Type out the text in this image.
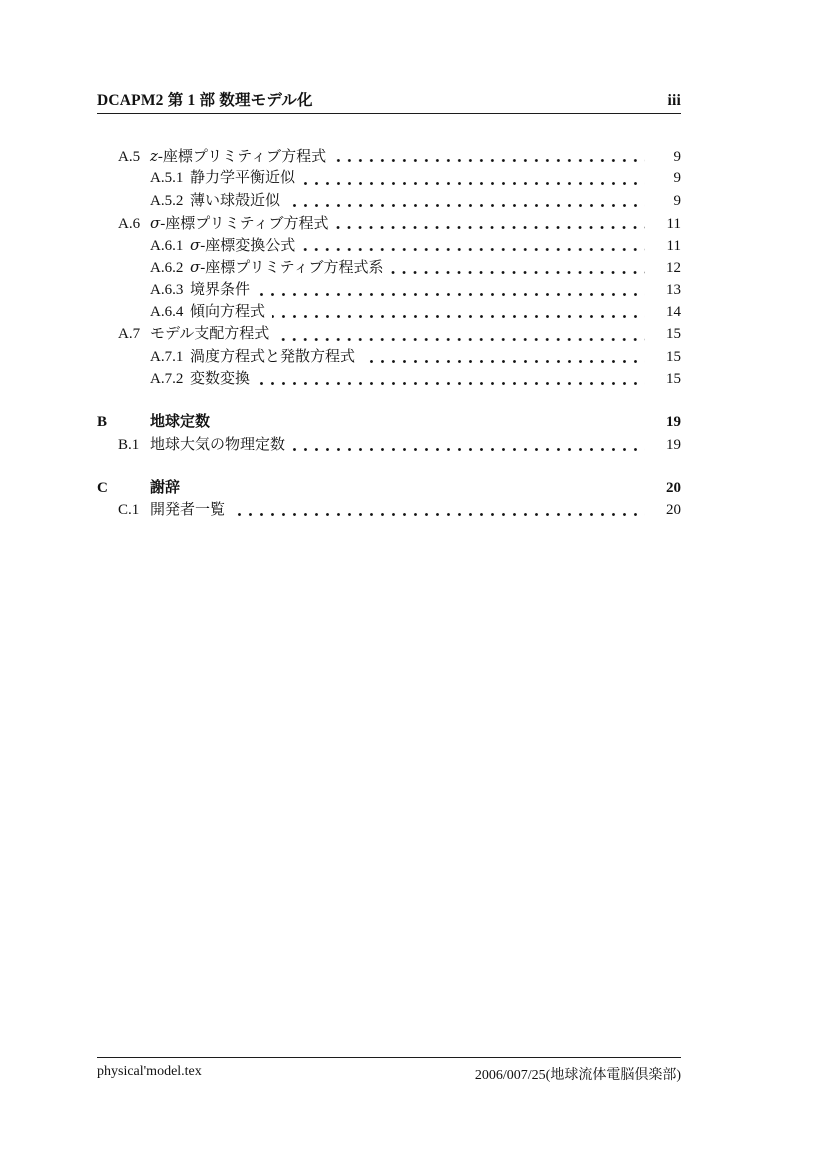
DCAPM2 第 1 部 数理モデル化	iii
A.5 z-座標プリミティブ方程式	9
A.5.1 静力学平衡近似	9
A.5.2 薄い球殻近似	9
A.6 σ-座標プリミティブ方程式	11
A.6.1 σ-座標変換公式	11
A.6.2 σ-座標プリミティブ方程式系	12
A.6.3 境界条件	13
A.6.4 傾向方程式	14
A.7 モデル支配方程式	15
A.7.1 渦度方程式と発散方程式	15
A.7.2 変数変換	15
B	地球定数	19
B.1 地球大気の物理定数	19
C	謝辞	20
C.1 開発者一覧	20
physical'model.tex	2006/007/25(地球流体電脳倶楽部)
